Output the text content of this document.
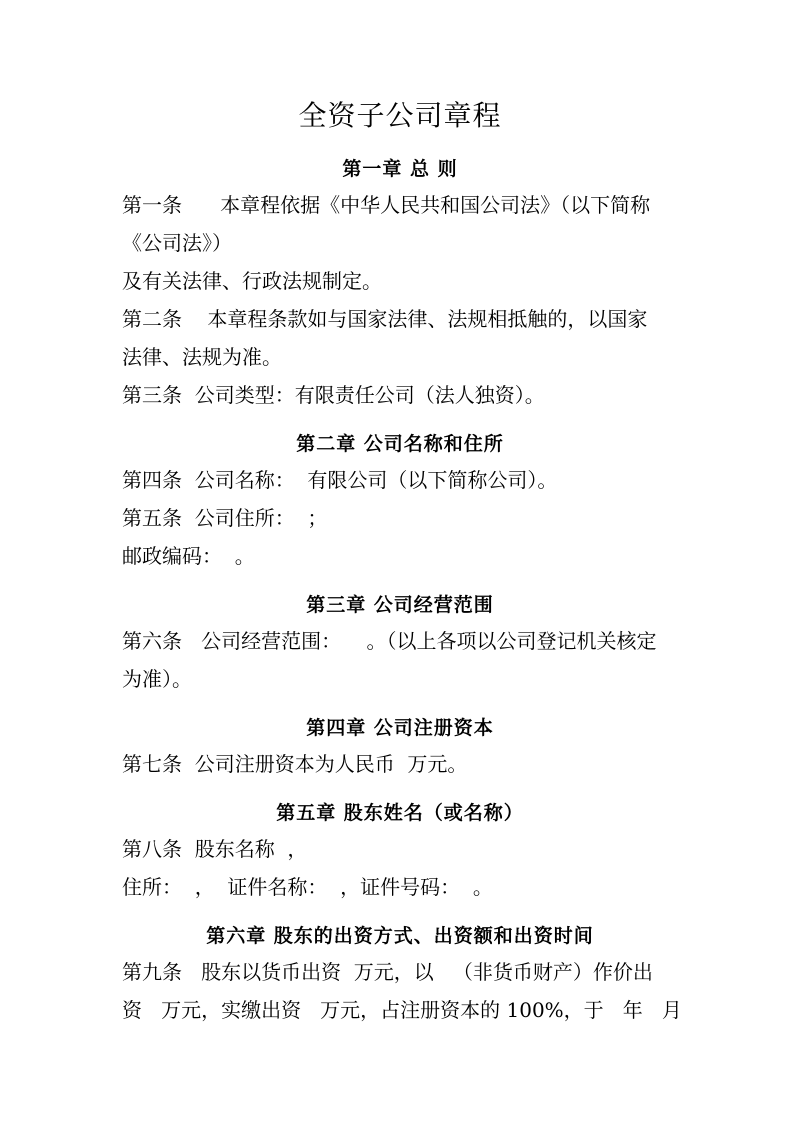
全资子公司章程
第一章 总 则
第一条      本章程依据《中华人民共和国公司法》（以下简称
《公司法》）
及有关法律、行政法规制定。
第二条    本章程条款如与国家法律、法规相抵触的，以国家
法律、法规为准。
第三条  公司类型：有限责任公司（法人独资）。
第二章 公司名称和住所
第四条  公司名称：  有限公司（以下简称公司）。
第五条  公司住所：  ；
邮政编码：  。
第三章 公司经营范围
第六条   公司经营范围：    。（以上各项以公司登记机关核定
为准）。
第四章 公司注册资本
第七条  公司注册资本为人民币  万元。
第五章 股东姓名（或名称）
第八条  股东名称  ，
住所：  ，  证件名称：  ，证件号码：  。
第六章 股东的出资方式、出资额和出资时间
第九条   股东以货币出资  万元，以   （非货币财产）作价出
资   万元，实缴出资   万元，占注册资本的 100%，于   年   月
